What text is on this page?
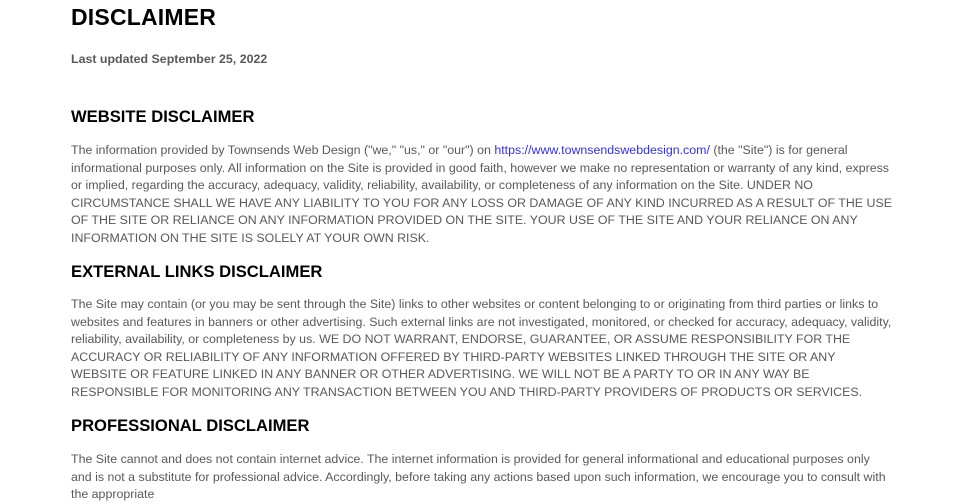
DISCLAIMER
Last updated September 25, 2022
WEBSITE DISCLAIMER

The information provided by Townsends Web Design ("we," "us," or "our") on https://www.townsendswebdesign.com/ (the "Site") is for general informational purposes only. All information on the Site is provided in good faith, however we make no representation or warranty of any kind, express or implied, regarding the accuracy, adequacy, validity, reliability, availability, or completeness of any information on the Site. UNDER NO CIRCUMSTANCE SHALL WE HAVE ANY LIABILITY TO YOU FOR ANY LOSS OR DAMAGE OF ANY KIND INCURRED AS A RESULT OF THE USE OF THE SITE OR RELIANCE ON ANY INFORMATION PROVIDED ON THE SITE. YOUR USE OF THE SITE AND YOUR RELIANCE ON ANY INFORMATION ON THE SITE IS SOLELY AT YOUR OWN RISK.

EXTERNAL LINKS DISCLAIMER

The Site may contain (or you may be sent through the Site) links to other websites or content belonging to or originating from third parties or links to websites and features in banners or other advertising. Such external links are not investigated, monitored, or checked for accuracy, adequacy, validity, reliability, availability, or completeness by us. WE DO NOT WARRANT, ENDORSE, GUARANTEE, OR ASSUME RESPONSIBILITY FOR THE ACCURACY OR RELIABILITY OF ANY INFORMATION OFFERED BY THIRD-PARTY WEBSITES LINKED THROUGH THE SITE OR ANY WEBSITE OR FEATURE LINKED IN ANY BANNER OR OTHER ADVERTISING. WE WILL NOT BE A PARTY TO OR IN ANY WAY BE RESPONSIBLE FOR MONITORING ANY TRANSACTION BETWEEN YOU AND THIRD-PARTY PROVIDERS OF PRODUCTS OR SERVICES.

PROFESSIONAL DISCLAIMER

The Site cannot and does not contain internet advice. The internet information is provided for general informational and educational purposes only and is not a substitute for professional advice. Accordingly, before taking any actions based upon such information, we encourage you to consult with the appropriate
